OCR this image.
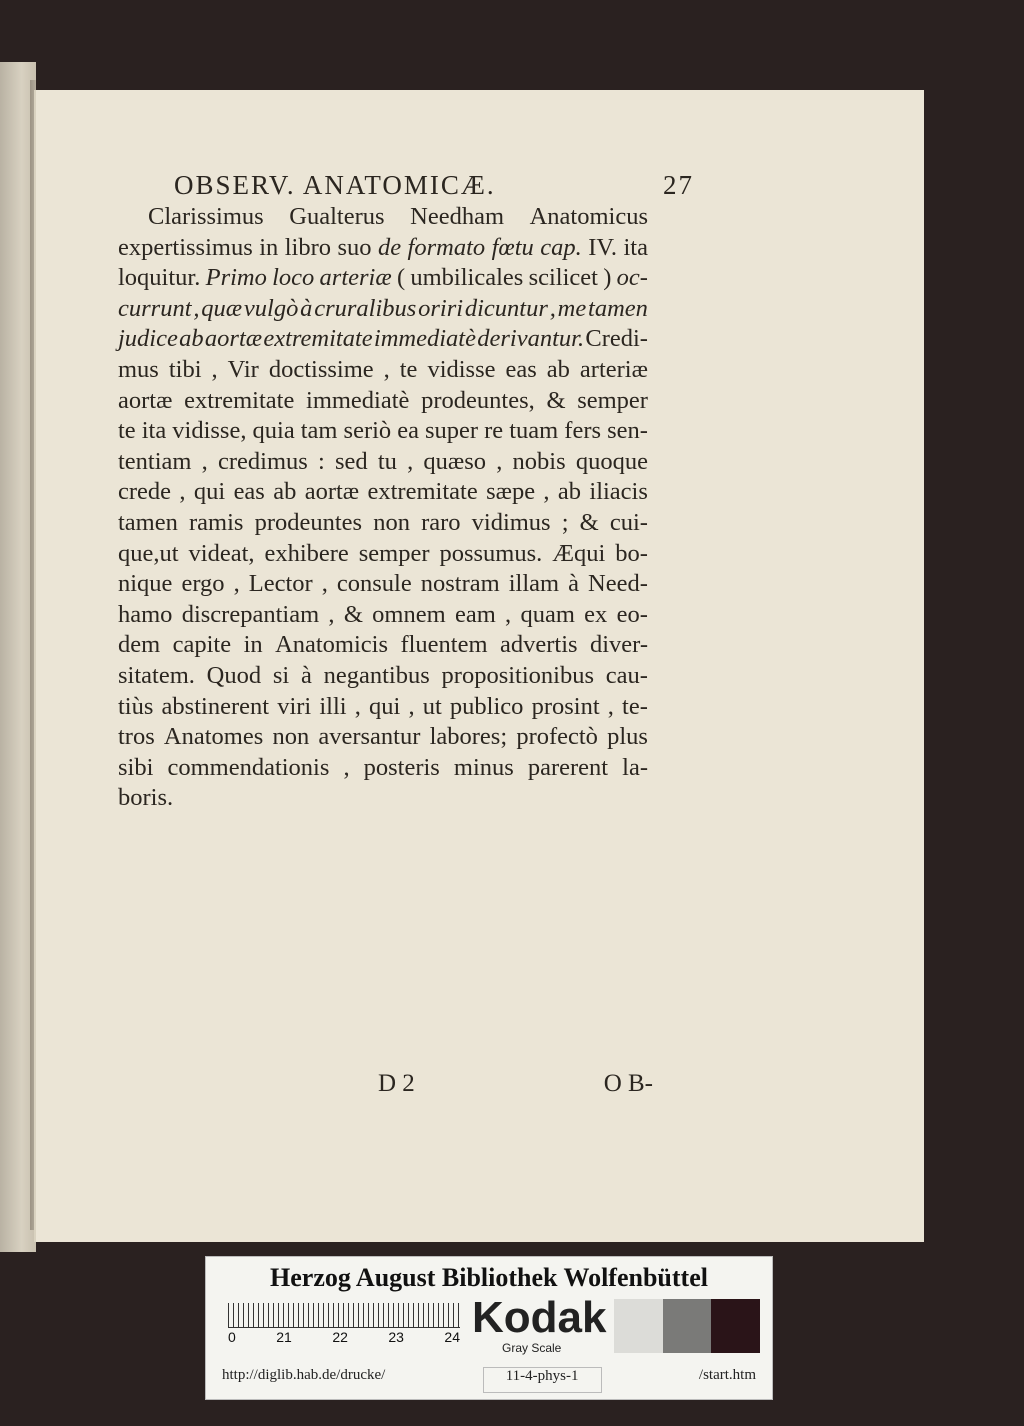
OBSERV. ANATOMICÆ.	27
Clarissimus Gualterus Needham Anatomicus
expertissimus in libro suo de formato fœtu cap. IV. ita
loquitur. Primo loco arteriæ ( umbilicales scilicet ) oc-
currunt , quæ vulgò à cruralibus oriri dicuntur , me tamen
judice ab aortæ extremitate immediatè derivantur. Credi-
mus tibi , Vir doctissime , te vidisse eas ab arteriæ
aortæ extremitate immediatè prodeuntes, & semper
te ita vidisse, quia tam seriò ea super re tuam fers sen-
tentiam , credimus : sed tu , quæso , nobis quoque
crede , qui eas ab aortæ extremitate sæpe , ab iliacis
tamen ramis prodeuntes non raro vidimus ; & cui-
que,ut videat, exhibere semper possumus. Æqui bo-
nique ergo , Lector , consule nostram illam à Need-
hamo discrepantiam , & omnem eam , quam ex eo-
dem capite in Anatomicis fluentem advertis diver-
sitatem. Quod si à negantibus propositionibus cau-
tiùs abstinerent viri illi , qui , ut publico prosint , te-
tros Anatomes non aversantur labores; profectò plus
sibi commendationis , posteris minus parerent la-
boris.
D 2	O B-
Herzog August Bibliothek Wolfenbüttel
0	21	22	23	24 Kodak
Gray Scale
http://diglib.hab.de/drucke/	11-4-phys-1	/start.htm
